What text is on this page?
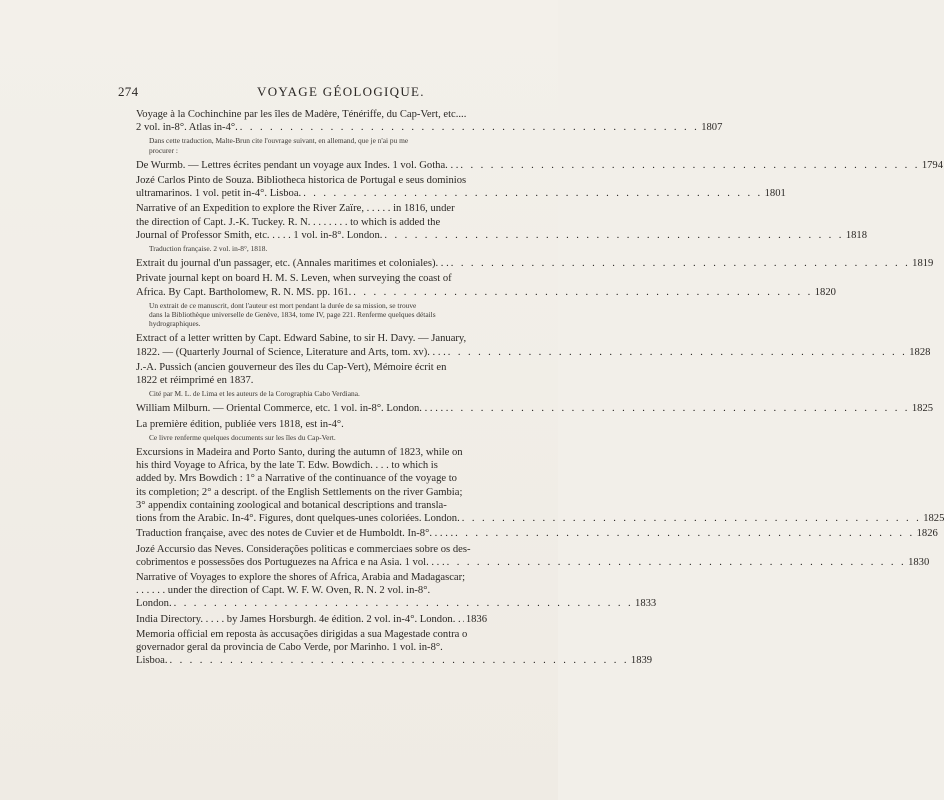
274	VOYAGE GÉOLOGIQUE.
Voyage à la Cochinchine par les îles de Madère, Ténériffe, du Cap-Vert, etc....
2 vol. in-8°. Atlas in-4°. . . . . . . . . . . . . . . . . . . . . . . . . . . . . . . . . . . . . . . . . . . . . . . 1807
Dans cette traduction, Malte-Brun cite l'ouvrage suivant, en allemand, que je n'ai pu me
procurer :
De Wurmb. — Lettres écrites pendant un voyage aux Indes. 1 vol. Gotha. . . . . . . . . . . . . . . . . . . . . . . . . . . . . . . . . . . . . . . . . . . . . . . . . 1794
Jozé Carlos Pinto de Souza. Bibliotheca historica de Portugal e seus dominios
ultramarinos. 1 vol. petit in-4°. Lisboa. . . . . . . . . . . . . . . . . . . . . . . . . . . . . . . . . . . . . . . . . . . . . . . 1801
Narrative of an Expedition to explore the River Zaïre, . . . . . in 1816, under
the direction of Capt. J.-K. Tuckey. R. N. . . . . . . . to which is added the
Journal of Professor Smith, etc. . . . . 1 vol. in-8°. London. . . . . . . . . . . . . . . . . . . . . . . . . . . . . . . . . . . . . . . . . . . . . . . 1818
Traduction française. 2 vol. in-8°, 1818.
Extrait du journal d'un passager, etc. (Annales maritimes et coloniales). . . . . . . . . . . . . . . . . . . . . . . . . . . . . . . . . . . . . . . . . . . . . . . . . 1819
Private journal kept on board H. M. S. Leven, when surveying the coast of
Africa. By Capt. Bartholomew, R. N. MS. pp. 161. . . . . . . . . . . . . . . . . . . . . . . . . . . . . . . . . . . . . . . . . . . . . . . 1820
Un extrait de ce manuscrit, dont l'auteur est mort pendant la durée de sa mission, se trouve
dans la Bibliothèque universelle de Genève, 1834, tome IV, page 221. Renferme quelques détails
hydrographiques.
Extract of a letter written by Capt. Edward Sabine, to sir H. Davy. — January,
1822. — (Quarterly Journal of Science, Literature and Arts, tom. xv). . . . . . . . . . . . . . . . . . . . . . . . . . . . . . . . . . . . . . . . . . . . . . . . . . 1828
J.-A. Pussich (ancien gouverneur des îles du Cap-Vert), Mémoire écrit en
1822 et réimprimé en 1837.
Cité par M. L. de Lima et les auteurs de la Corographia Cabo Verdiana.
William Milburn. — Oriental Commerce, etc. 1 vol. in-8°. London. . . . . . . . . . . . . . . . . . . . . . . . . . . . . . . . . . . . . . . . . . . . . . . . . . . . 1825
La première édition, publiée vers 1818, est in-4°.
Ce livre renferme quelques documents sur les îles du Cap-Vert.
Excursions in Madeira and Porto Santo, during the autumn of 1823, while on
his third Voyage to Africa, by the late T. Edw. Bowdich. . . . to which is
added by. Mrs Bowdich : 1° a Narrative of the continuance of the voyage to
its completion; 2° a descript. of the English Settlements on the river Gambia;
3° appendix containing zoological and botanical descriptions and transla-
tions from the Arabic. In-4°. Figures, dont quelques-unes coloriées. London. . . . . . . . . . . . . . . . . . . . . . . . . . . . . . . . . . . . . . . . . . . . . . . 1825
Traduction française, avec des notes de Cuvier et de Humboldt. In-8°. . . . . . . . . . . . . . . . . . . . . . . . . . . . . . . . . . . . . . . . . . . . . . . . . . . 1826
Jozé Accursio das Neves. Considerações politicas e commerciaes sobre os des-
cobrimentos e possessões dos Portuguezes na Africa e na Asia. 1 vol. . . . . . . . . . . . . . . . . . . . . . . . . . . . . . . . . . . . . . . . . . . . . . . . . . 1830
Narrative of Voyages to explore the shores of Africa, Arabia and Madagascar;
. . . . . . under the direction of Capt. W. F. W. Oven, R. N. 2 vol. in-8°.
London. . . . . . . . . . . . . . . . . . . . . . . . . . . . . . . . . . . . . . . . . . . . . . . 1833
India Directory. . . . . by James Horsburgh. 4e édition. 2 vol. in-4°. London. . 1836
Memoria official em reposta às accusações dirigidas a sua Magestade contra o
governador geral da provincia de Cabo Verde, por Marinho. 1 vol. in-8°.
Lisboa. . . . . . . . . . . . . . . . . . . . . . . . . . . . . . . . . . . . . . . . . . . . . . . 1839
